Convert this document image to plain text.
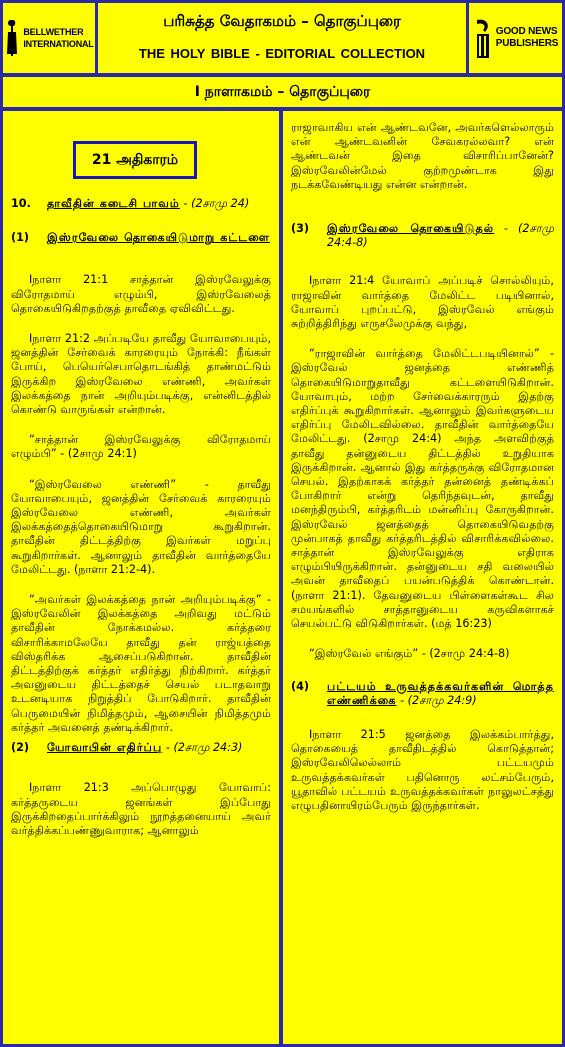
BELLWETHER
INTERNATIONAL
பரிசுத்த வேதாகமம் – தொகுப்புரை
THE HOLY BIBLE - EDITORIAL COLLECTION
GOOD NEWS
PUBLISHERS
I நாளாகமம் – தொகுப்புரை
21 அதிகாரம்
10.	தாவீதின் கடைசி பாவம் - (2சாமு 24)
(1)	இஸ்ரவேலை தொகையிடுமாறு கட்டளை

Iநாளா 21:1 சாத்தான் இஸ்ரவேலுக்கு விரோதமாய் எழும்பி, இஸ்ரவேலைத் தொகையிடுகிறதற்குத் தாவீதை ஏவிவிட்டது.

Iநாளா 21:2 அப்படியே தாவீது யோவாபையும், ஜனத்தின் சேர்வைக் காரரையும் நோக்கி: நீங்கள் போய், பெயெர்செபாதொடங்கித் தாண்மட்டும் இருக்கிற இஸ்ரவேலை எண்ணி, அவர்கள் இலக்கத்தை நான் அறியும்படிக்கு, என்னிடத்தில் கொண்டு வாருங்கள் என்றான்.

“சாத்தான் இஸ்ரவேலுக்கு விரோதமாய் எழும்பி” - (2சாமு 24:1)

“இஸ்ரவேலை எண்ணி” - தாவீது யோவாபையும், ஜனத்தின் சேர்வைக் காரரையும் இஸ்ரவேலை எண்ணி, அவர்கள் இலக்கத்தைத்தொகையிடுமாறு கூறுகிறான். தாவீதின் திட்டத்திற்கு இவர்கள் மறுப்பு கூறுகிறார்கள். ஆனாலும் தாவீதின் வார்த்தையே மேலிட்டது. (நாளா 21:2-4).

“அவர்கள் இலக்கத்தை நான் அறியும்படிக்கு” - இஸ்ரவேலின் இலக்கத்தை அறிவது மட்டும் தாவீதின் நோக்கமல்ல. கர்த்தரை விசாரிக்காமலேயே தாவீது தன் ராஜ்யத்தை விஸ்தரிக்க ஆசைப்படுகிறான். தாவீதின் திட்டத்திற்குக் கர்த்தர் எதிர்த்து நிற்கிறார். கர்த்தர் அவனுடைய திட்டத்தைச் செயல் படாதவாறு உடனடியாக நிறுத்திப் போடுகிறார். தாவீதின் பெருமையின் நிமித்தமும், ஆசையின் நிமித்தமும் கர்த்தர் அவனைத் தண்டிக்கிறார்.

(2)	யோவாபின் எதிர்ப்பு - (2சாமு 24:3)

Iநாளா 21:3 அப்பொழுது யோவாப்: கர்த்தருடைய ஜனங்கள் இப்போது இருக்கிறதைப்பார்க்கிலும் நூறத்தனையாய் அவர் வர்த்திக்கப்பண்ணுவாராக; ஆனாலும்

ராஜாவாகிய என் ஆண்டவனே, அவர்களெல்லாரும் என் ஆண்டவனின் சேவகரல்லவா? என் ஆண்டவன் இதை விசாரிப்பானேன்? இஸ்ரவேலின்மேல் குற்றமுண்டாக இது நடக்கவேண்டியது என்ன என்றான்.

(3)	இஸ்ரவேலை தொகையிடுதல் - (2சாமு 24:4-8)

Iநாளா 21:4 யோவாப் அப்படிச் சொல்லியும், ராஜாவின் வார்த்தை மேலிட்ட படியினால், யோவாப் புறப்பட்டு, இஸ்ரவேல் எங்கும் சுற்றித்திரிந்து எருசலேமுக்கு வந்து,

“ராஜாவின் வார்த்தை மேலிட்டபடியினால்” - இஸ்ரவேல் ஜனத்தை எண்ணித் தொகையிடுமாறுதாவீது கட்டளையிடுகிறான். யோவாபும், மற்ற சேர்வைக்காரரும் இதற்கு எதிர்ப்புக் கூறுகிறார்கள். ஆனாலும் இவர்களுடைய எதிர்ப்பு மேலிடவில்லை. தாவீதின் வார்த்தையே மேலிட்டது. (2சாமு 24:4) அந்த அளவிற்குத் தாவீது தன்னுடைய திட்டத்தில் உறுதியாக இருக்கிறான். ஆனால் இது கர்த்தருக்கு விரோதமான செயல். இதற்காகக் கர்த்தர் தன்னைத் தண்டிக்கப் போகிறார் என்று தெரிந்தவுடன், தாவீது மனந்திரும்பி, கர்த்தரிடம் மன்னிப்பு கோருகிறான். இஸ்ரவேல் ஜனத்தைத் தொகையிடுவதற்கு முன்பாகத் தாவீது கர்த்தரிடத்தில் விசாரிக்கவில்லை. சாத்தான் இஸ்ரவேலுக்கு எதிராக எழும்பியிருக்கிறான். தன்னுடைய சதி வலையில் அவன் தாவீதைப் பயன்படுத்திக் கொண்டான். (நாளா 21:1). தேவனுடைய பிள்ளைகள்கூட சில சமயங்களில் சாத்தானுடைய கருவிகளாகச் செயல்பட்டு விடுகிறார்கள். (மத் 16:23)

“இஸ்ரவேல் எங்கும்” - (2சாமு 24:4-8)

(4)	பட்டயம் உருவத்தக்கவர்களின் மொத்த எண்ணிக்கை - (2சாமு 24:9)

Iநாளா 21:5 ஜனத்தை இலக்கம்பார்த்து, தொகையைத் தாவீதிடத்தில் கொடுத்தான்; இஸ்ரவேலிலெல்லாம் பட்டயமும் உருவத்தக்கவர்கள் பதினொரு லட்சம்பேரும், யூதாவில் பட்டயம் உருவத்தக்கவர்கள் நாலுலட்சத்து எழுபதினாயிரம்பேரும் இருந்தார்கள்.
